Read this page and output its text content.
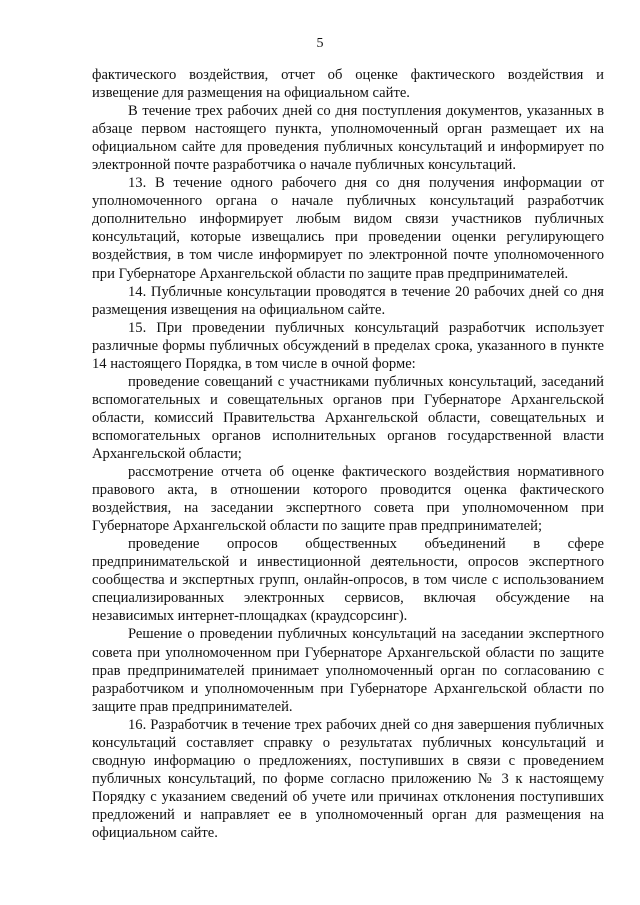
5

фактического воздействия, отчет об оценке фактического воздействия и извещение для размещения на официальном сайте.

В течение трех рабочих дней со дня поступления документов, указанных в абзаце первом настоящего пункта, уполномоченный орган размещает их на официальном сайте для проведения публичных консультаций и информирует по электронной почте разработчика о начале публичных консультаций.

13. В течение одного рабочего дня со дня получения информации от уполномоченного органа о начале публичных консультаций разработчик дополнительно информирует любым видом связи участников публичных консультаций, которые извещались при проведении оценки регулирующего воздействия, в том числе информирует по электронной почте уполномоченного при Губернаторе Архангельской области по защите прав предпринимателей.

14. Публичные консультации проводятся в течение 20 рабочих дней со дня размещения извещения на официальном сайте.

15. При проведении публичных консультаций разработчик использует различные формы публичных обсуждений в пределах срока, указанного в пункте 14 настоящего Порядка, в том числе в очной форме:

проведение совещаний с участниками публичных консультаций, заседаний вспомогательных и совещательных органов при Губернаторе Архангельской области, комиссий Правительства Архангельской области, совещательных и вспомогательных органов исполнительных органов государственной власти Архангельской области;

рассмотрение отчета об оценке фактического воздействия нормативного правового акта, в отношении которого проводится оценка фактического воздействия, на заседании экспертного совета при уполномоченном при Губернаторе Архангельской области по защите прав предпринимателей;

проведение опросов общественных объединений в сфере предпринимательской и инвестиционной деятельности, опросов экспертного сообщества и экспертных групп, онлайн-опросов, в том числе с использованием специализированных электронных сервисов, включая обсуждение на независимых интернет-площадках (краудсорсинг).

Решение о проведении публичных консультаций на заседании экспертного совета при уполномоченном при Губернаторе Архангельской области по защите прав предпринимателей принимает уполномоченный орган по согласованию с разработчиком и уполномоченным при Губернаторе Архангельской области по защите прав предпринимателей.

16. Разработчик в течение трех рабочих дней со дня завершения публичных консультаций составляет справку о результатах публичных консультаций и сводную информацию о предложениях, поступивших в связи с проведением публичных консультаций, по форме согласно приложению № 3 к настоящему Порядку с указанием сведений об учете или причинах отклонения поступивших предложений и направляет ее в уполномоченный орган для размещения на официальном сайте.
